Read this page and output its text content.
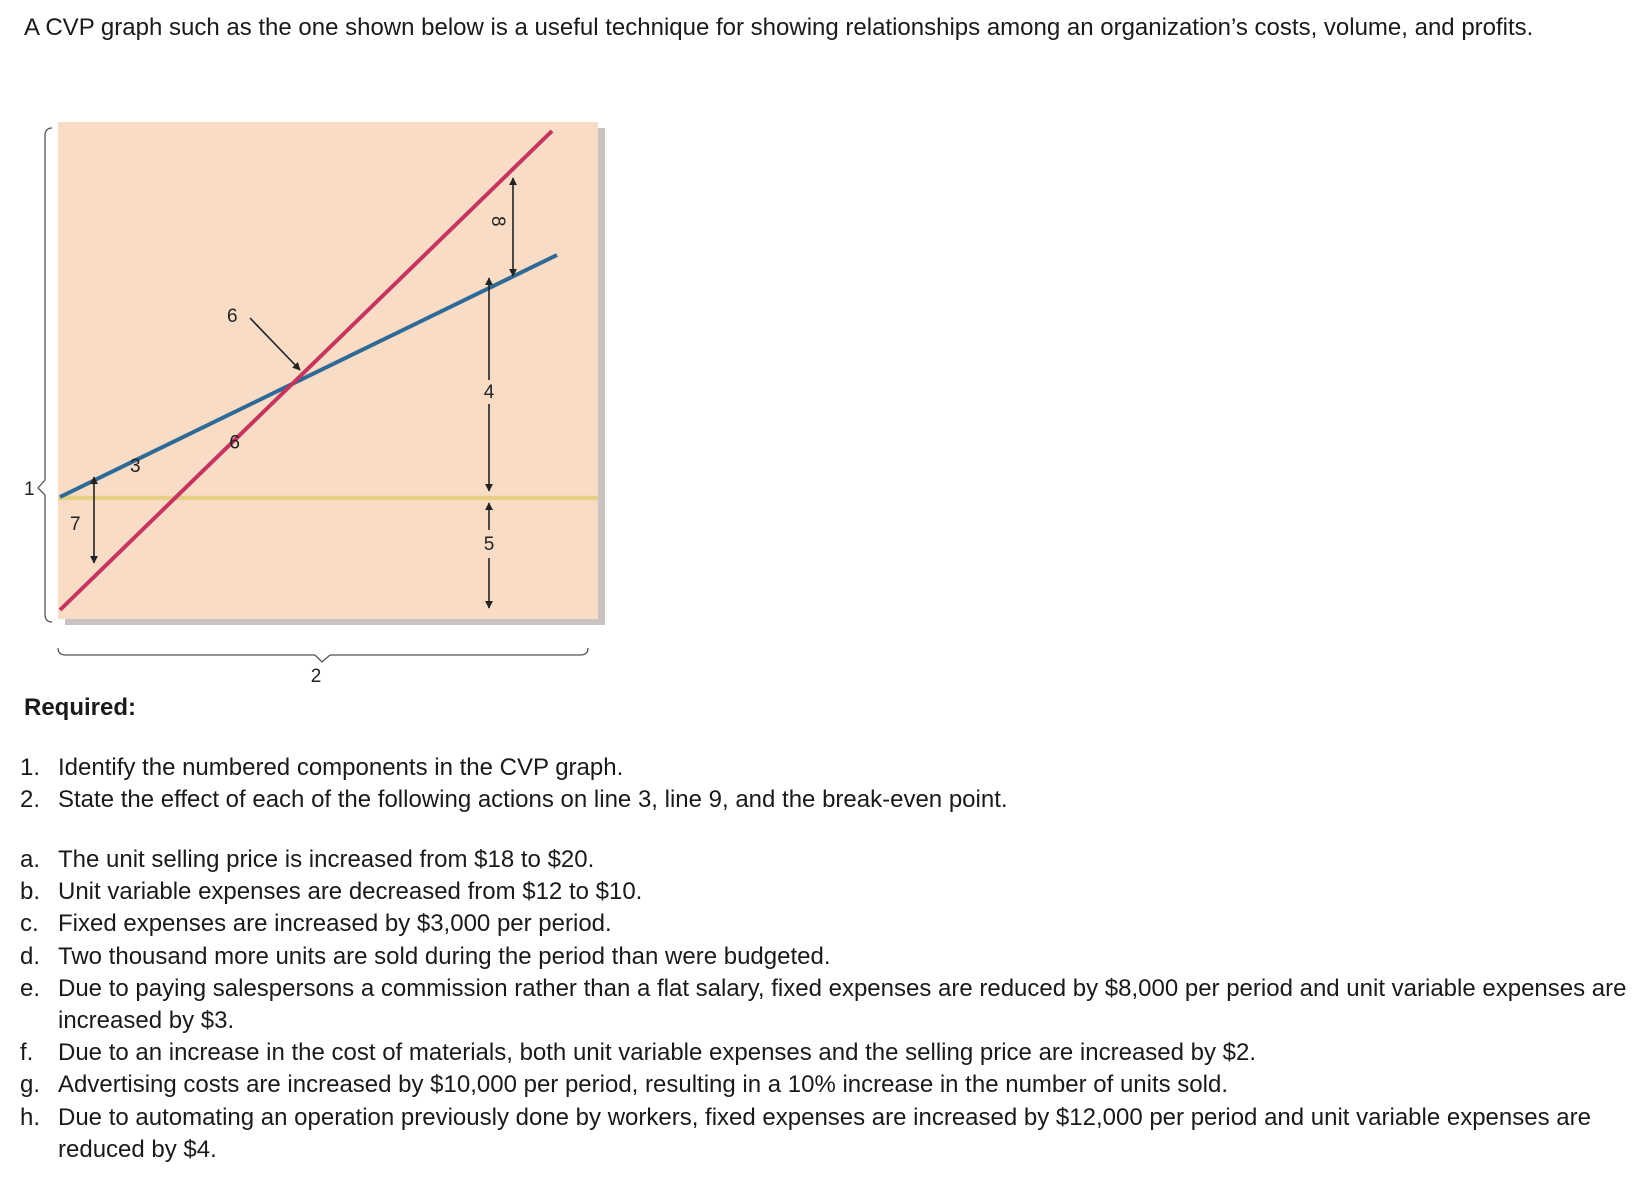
A CVP graph such as the one shown below is a useful technique for showing relationships among an organization’s costs, volume, and profits.

1
2
3
9
6
7
4
5
8
Required:
1. Identify the numbered components in the CVP graph.
2. State the effect of each of the following actions on line 3, line 9, and the break-even point.
a. The unit selling price is increased from $18 to $20.
b. Unit variable expenses are decreased from $12 to $10.
c. Fixed expenses are increased by $3,000 per period.
d. Two thousand more units are sold during the period than were budgeted.
e. Due to paying salespersons a commission rather than a flat salary, fixed expenses are reduced by $8,000 per period and unit variable expenses are increased by $3.
f.	Due to an increase in the cost of materials, both unit variable expenses and the selling price are increased by $2.
g. Advertising costs are increased by $10,000 per period, resulting in a 10% increase in the number of units sold.
h. Due to automating an operation previously done by workers, fixed expenses are increased by $12,000 per period and unit variable expenses are reduced by $4.
